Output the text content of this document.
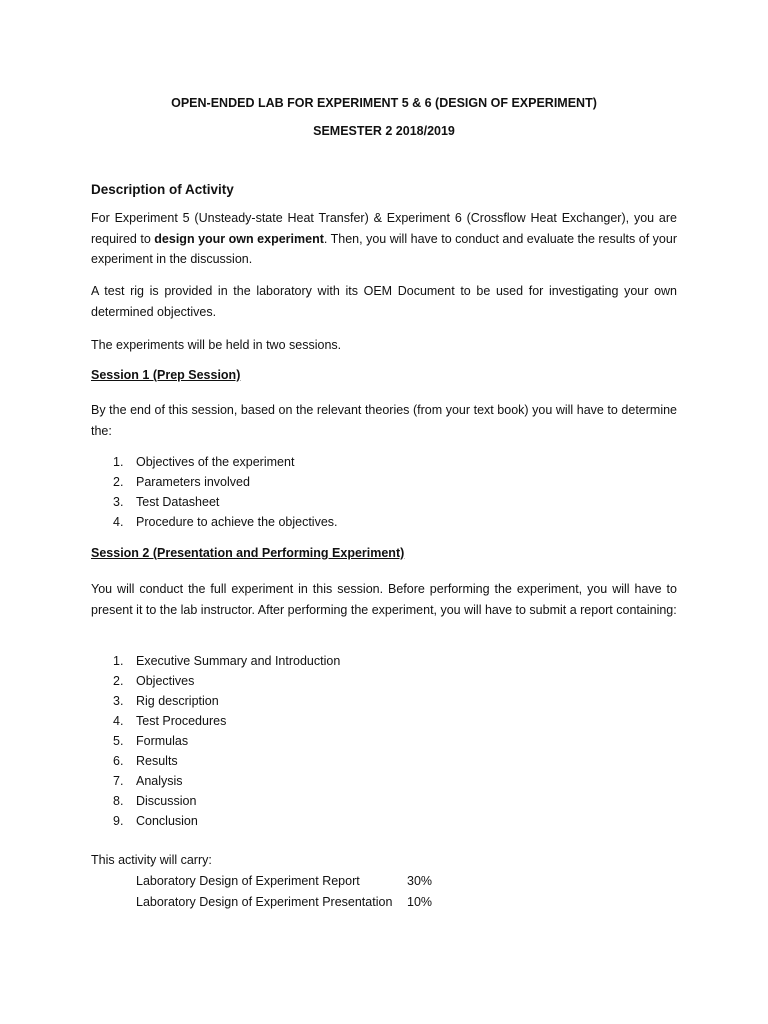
OPEN-ENDED LAB FOR EXPERIMENT 5 & 6 (DESIGN OF EXPERIMENT)

SEMESTER 2 2018/2019

Description of Activity

For Experiment 5 (Unsteady-state Heat Transfer) & Experiment 6 (Crossflow Heat Exchanger), you are required to design your own experiment. Then, you will have to conduct and evaluate the results of your experiment in the discussion.

A test rig is provided in the laboratory with its OEM Document to be used for investigating your own determined objectives.

The experiments will be held in two sessions.

Session 1 (Prep Session)

By the end of this session, based on the relevant theories (from your text book) you will have to determine the:

1. Objectives of the experiment
2. Parameters involved
3. Test Datasheet
4. Procedure to achieve the objectives.

Session 2 (Presentation and Performing Experiment)

You will conduct the full experiment in this session. Before performing the experiment, you will have to present it to the lab instructor. After performing the experiment, you will have to submit a report containing:

1. Executive Summary and Introduction
2. Objectives
3. Rig description
4. Test Procedures
5. Formulas
6. Results
7. Analysis
8. Discussion
9. Conclusion

This activity will carry:

Laboratory Design of Experiment Report	30%
Laboratory Design of Experiment Presentation 10%
